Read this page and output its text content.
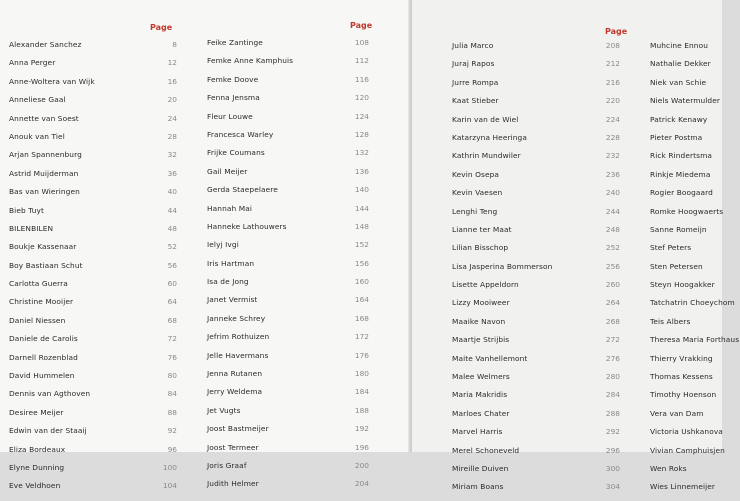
Page
Alexander Sanchez	8
Anna Perger	12
Anne-Woltera van Wijk	16
Anneliese Gaal	20
Annette van Soest	24
Anouk van Tiel	28
Arjan Spannenburg	32
Astrid Muijderman	36
Bas van Wieringen	40
Bieb Tuyt	44
BILENBILEN	48
Boukje Kassenaar	52
Boy Bastiaan Schut	56
Carlotta Guerra	60
Christine Mooijer	64
Daniel Niessen	68
Daniele de Carolis	72
Darnell Rozenblad	76
David Hummelen	80
Dennis van Agthoven	84
Desiree Meijer	88
Edwin van der Staaij	92
Eliza Bordeaux	96
Elyne Dunning	100
Eve Veldhoen	104
Page
Feike Zantinge	108
Femke Anne Kamphuis	112
Femke Doove	116
Fenna Jensma	120
Fleur Louwe	124
Francesca Warley	128
Frijke Coumans	132
Gail Meijer	136
Gerda Staepelaere	140
Hannah Mai	144
Hanneke Lathouwers	148
Ielyj Ivgi	152
Iris Hartman	156
Isa de Jong	160
Janet Vermist	164
Janneke Schrey	168
Jefrim Rothuizen	172
Jelle Havermans	176
Jenna Rutanen	180
Jerry Weldema	184
Jet Vugts	188
Joost Bastmeijer	192
Joost Termeer	196
Joris Graaf	200
Judith Helmer	204
Page
Julia Marco	208
Juraj Rapos	212
Jurre Rompa	216
Kaat Stieber	220
Karin van de Wiel	224
Katarzyna Heeringa	228
Kathrin Mundwiler	232
Kevin Osepa	236
Kevin Vaesen	240
Lenghi Teng	244
Lianne ter Maat	248
Lilian Bisschop	252
Lisa Jasperina Bommerson	256
Lisette Appeldorn	260
Lizzy Mooiweer	264
Maaike Navon	268
Maartje Strijbis	272
Maite Vanhellemont	276
Malee Welmers	280
Maria Makridis	284
Marloes Chater	288
Marvel Harris	292
Merel Schoneveld	296
Mireille Duiven	300
Miriam Boans	304
Muhcine Ennou
Nathalie Dekker
Niek van Schie
Niels Watermulder
Patrick Kenawy
Pieter Postma
Rick Rindertsma
Rinkje Miedema
Rogier Boogaard
Romke Hoogwaerts
Sanne Romeijn
Stef Peters
Sten Petersen
Steyn Hoogakker
Tatchatrin Choeychom
Teis Albers
Theresa Maria Forthaus
Thierry Vrakking
Thomas Kessens
Timothy Hoenson
Vera van Dam
Victoria Ushkanova
Vivian Camphuisjen
Wen Roks
Wies Linnemeijer
